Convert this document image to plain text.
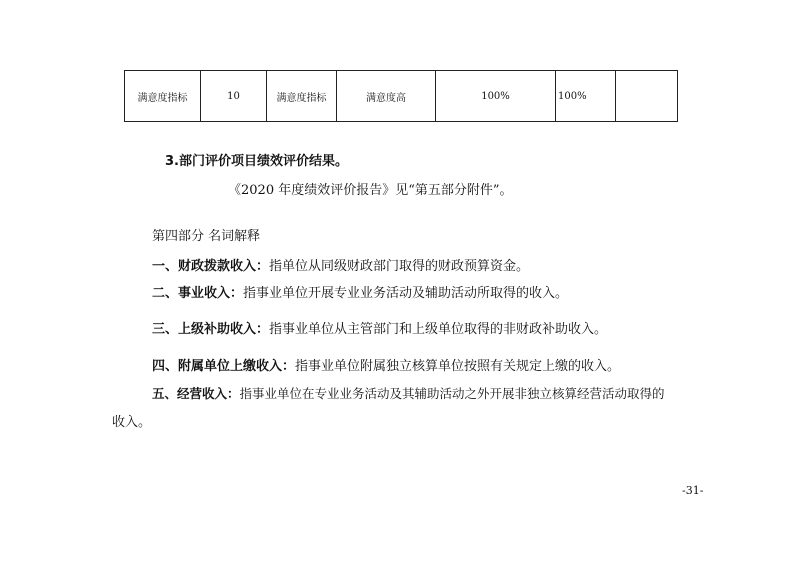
满意度指标	10	满意度指标	满意度高	100%	100%	
3.部门评价项目绩效评价结果。
《2020 年度绩效评价报告》见“第五部分附件”。
第四部分 名词解释
一、财政拨款收入：指单位从同级财政部门取得的财政预算资金。
二、事业收入：指事业单位开展专业业务活动及辅助活动所取得的收入。
三、上级补助收入：指事业单位从主管部门和上级单位取得的非财政补助收入。
四、附属单位上缴收入：指事业单位附属独立核算单位按照有关规定上缴的收入。
五、经营收入：指事业单位在专业业务活动及其辅助活动之外开展非独立核算经营活动取得的
收入。
-31-
